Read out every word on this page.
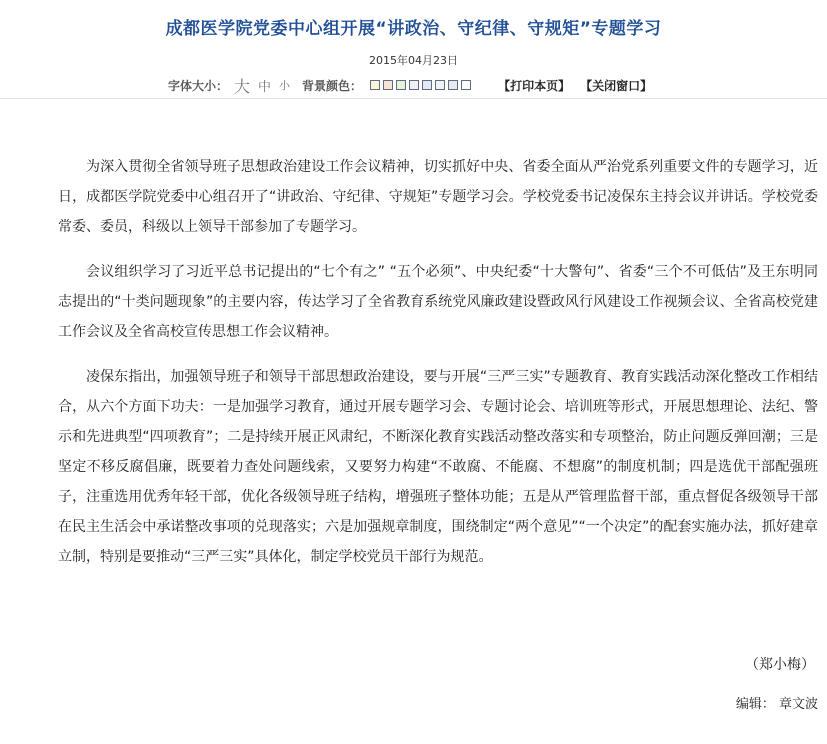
成都医学院党委中心组开展“讲政治、守纪律、守规矩”专题学习
2015年04月23日
字体大小： 大 中 小 背景颜色：	【打印本页】 【关闭窗口】

为深入贯彻全省领导班子思想政治建设工作会议精神，切实抓好中央、省委全面从严治党系列重要文件的专题学习，近日，成都医学院党委中心组召开了“讲政治、守纪律、守规矩”专题学习会。学校党委书记凌保东主持会议并讲话。学校党委常委、委员，科级以上领导干部参加了专题学习。

会议组织学习了习近平总书记提出的“七个有之” “五个必须”、中央纪委“十大警句”、省委“三个不可低估”及王东明同志提出的“十类问题现象”的主要内容，传达学习了全省教育系统党风廉政建设暨政风行风建设工作视频会议、全省高校党建工作会议及全省高校宣传思想工作会议精神。

凌保东指出，加强领导班子和领导干部思想政治建设，要与开展“三严三实”专题教育、教育实践活动深化整改工作相结合，从六个方面下功夫：一是加强学习教育，通过开展专题学习会、专题讨论会、培训班等形式，开展思想理论、法纪、警示和先进典型“四项教育”；二是持续开展正风肃纪，不断深化教育实践活动整改落实和专项整治，防止问题反弹回潮；三是坚定不移反腐倡廉，既要着力查处问题线索，又要努力构建“不敢腐、不能腐、不想腐”的制度机制；四是选优干部配强班子，注重选用优秀年轻干部，优化各级领导班子结构，增强班子整体功能；五是从严管理监督干部，重点督促各级领导干部在民主生活会中承诺整改事项的兑现落实；六是加强规章制度，围绕制定“两个意见”“一个决定”的配套实施办法，抓好建章立制，特别是要推动“三严三实”具体化，制定学校党员干部行为规范。

（郑小梅）
编辑： 章文波
